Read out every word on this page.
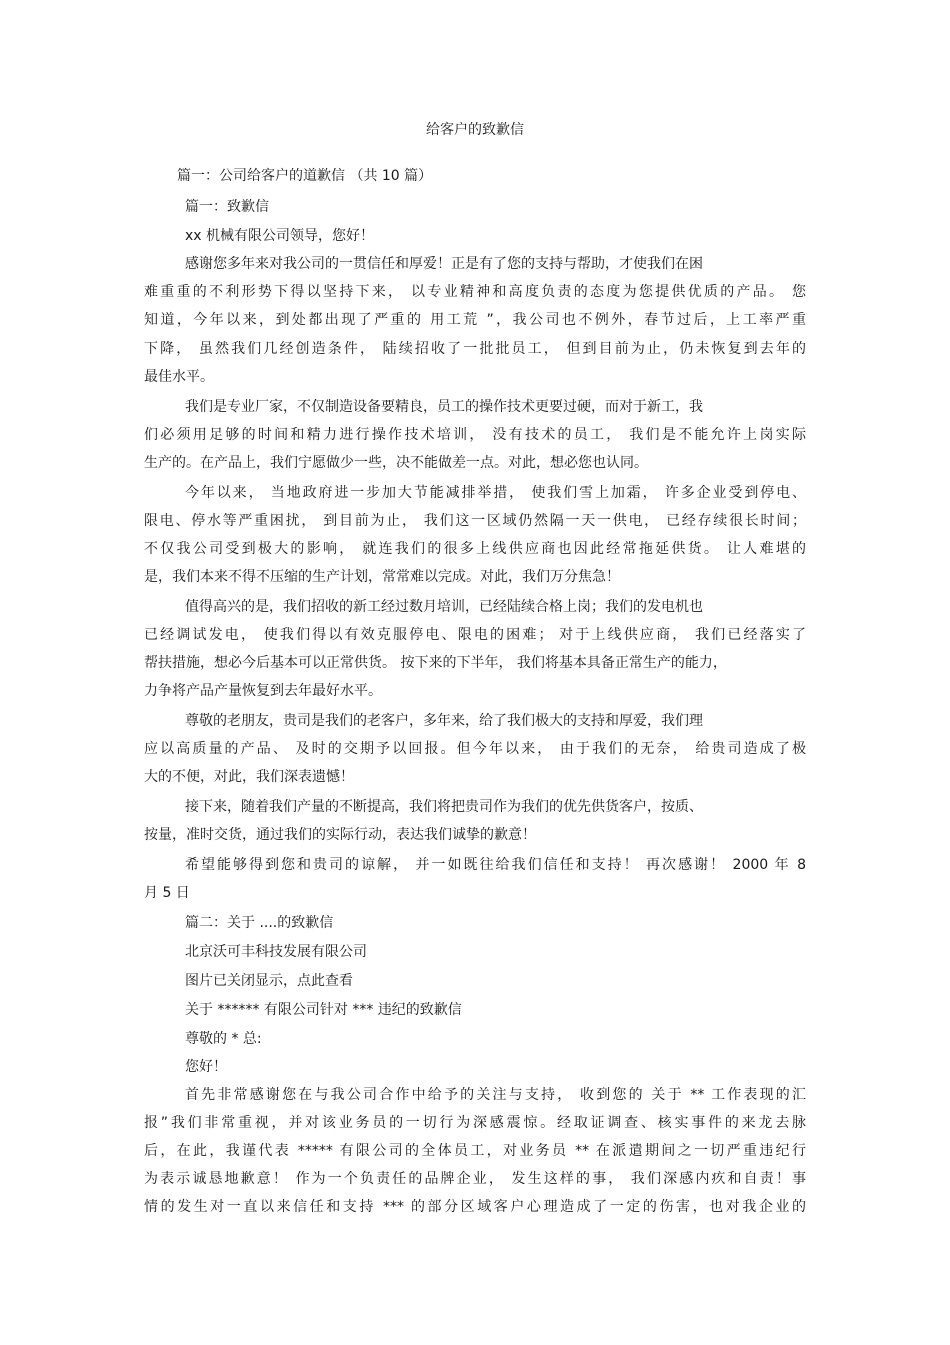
给客户的致歉信
篇一：公司给客户的道歉信 （共 10 篇）
篇一：致歉信
xx 机械有限公司领导，您好！
感谢您多年来对我公司的一贯信任和厚爱！正是有了您的支持与帮助，才使我们在困
难重重的不利形势下得以坚持下来， 以专业精神和高度负责的态度为您提供优质的产品。 您
知道，今年以来，到处都出现了严重的 用工荒 ”，我公司也不例外，春节过后，上工率严重
下降， 虽然我们几经创造条件， 陆续招收了一批批员工， 但到目前为止，仍未恢复到去年的
最佳水平。
我们是专业厂家，不仅制造设备要精良，员工的操作技术更要过硬，而对于新工，我
们必须用足够的时间和精力进行操作技术培训， 没有技术的员工， 我们是不能允许上岗实际
生产的。在产品上，我们宁愿做少一些，决不能做差一点。对此，想必您也认同。
今年以来， 当地政府进一步加大节能减排举措， 使我们雪上加霜， 许多企业受到停电、
限电、停水等严重困扰， 到目前为止， 我们这一区域仍然隔一天一供电， 已经存续很长时间；
不仅我公司受到极大的影响， 就连我们的很多上线供应商也因此经常拖延供货。 让人难堪的
是，我们本来不得不压缩的生产计划，常常难以完成。对此，我们万分焦急！
值得高兴的是，我们招收的新工经过数月培训，已经陆续合格上岗；我们的发电机也
已经调试发电， 使我们得以有效克服停电、限电的困难； 对于上线供应商， 我们已经落实了
帮扶措施，想必今后基本可以正常供货。 按下来的下半年， 我们将基本具备正常生产的能力，
力争将产品产量恢复到去年最好水平。
尊敬的老朋友，贵司是我们的老客户，多年来，给了我们极大的支持和厚爱，我们理
应以高质量的产品、 及时的交期予以回报。但今年以来， 由于我们的无奈， 给贵司造成了极
大的不便，对此，我们深表遗憾！
接下来，随着我们产量的不断提高，我们将把贵司作为我们的优先供货客户，按质、
按量，准时交货，通过我们的实际行动，表达我们诚挚的歉意！
希望能够得到您和贵司的谅解， 并一如既往给我们信任和支持！ 再次感谢！ 2000 年 8
月 5 日
篇二：关于 ....的致歉信
北京沃可丰科技发展有限公司
图片已关闭显示，点此查看
关于 ****** 有限公司针对 *** 违纪的致歉信
尊敬的 * 总:
您好！
首先非常感谢您在与我公司合作中给予的关注与支持， 收到您的 关于 ** 工作表现的汇
报”我们非常重视，并对该业务员的一切行为深感震惊。经取证调查、核实事件的来龙去脉
后，在此，我谨代表 ***** 有限公司的全体员工，对业务员 ** 在派遣期间之一切严重违纪行
为表示诚恳地歉意！ 作为一个负责任的品牌企业， 发生这样的事， 我们深感内疚和自责！事
情的发生对一直以来信任和支持 *** 的部分区域客户心理造成了一定的伤害，也对我企业的
